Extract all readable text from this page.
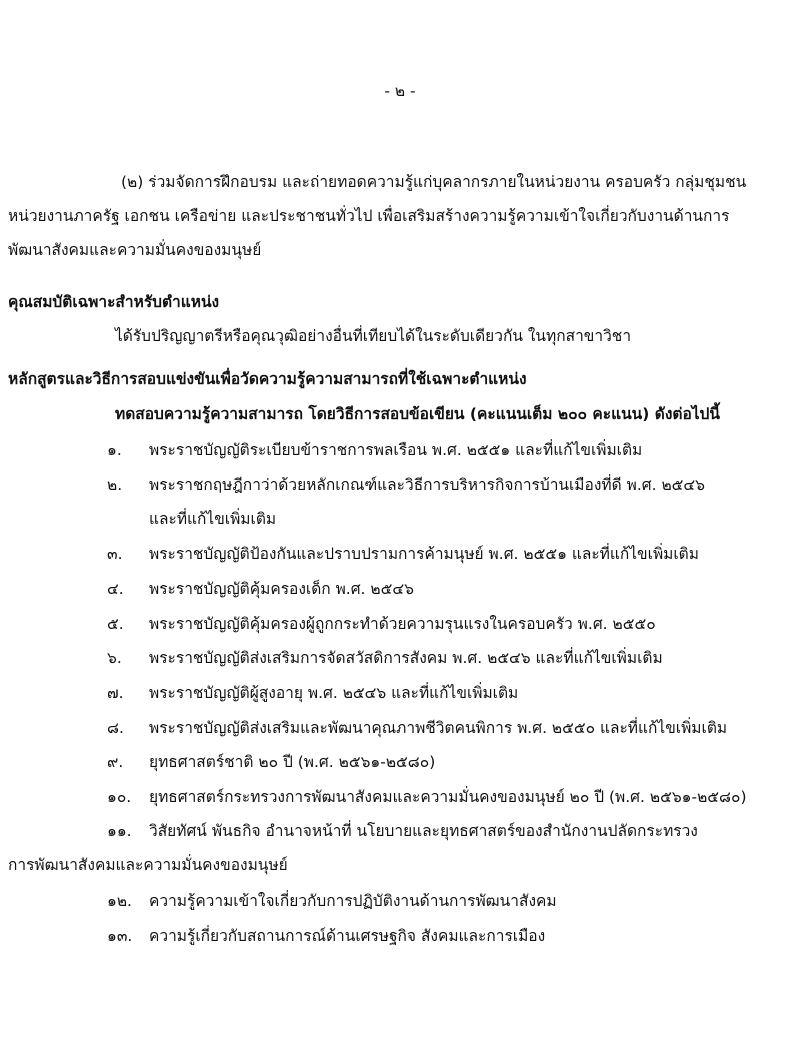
- ๒ -
(๒) ร่วมจัดการฝึกอบรม และถ่ายทอดความรู้แก่บุคลากรภายในหน่วยงาน ครอบครัว กลุ่มชุมชน
หน่วยงานภาครัฐ เอกชน เครือข่าย และประชาชนทั่วไป เพื่อเสริมสร้างความรู้ความเข้าใจเกี่ยวกับงานด้านการ
พัฒนาสังคมและความมั่นคงของมนุษย์
คุณสมบัติเฉพาะสำหรับตำแหน่ง
ได้รับปริญญาตรีหรือคุณวุฒิอย่างอื่นที่เทียบได้ในระดับเดียวกัน ในทุกสาขาวิชา
หลักสูตรและวิธีการสอบแข่งขันเพื่อวัดความรู้ความสามารถที่ใช้เฉพาะตำแหน่ง
ทดสอบความรู้ความสามารถ โดยวิธีการสอบข้อเขียน (คะแนนเต็ม ๒๐๐ คะแนน) ดังต่อไปนี้
๑. พระราชบัญญัติระเบียบข้าราชการพลเรือน พ.ศ. ๒๕๕๑ และที่แก้ไขเพิ่มเติม
๒. พระราชกฤษฎีกาว่าด้วยหลักเกณฑ์และวิธีการบริหารกิจการบ้านเมืองที่ดี พ.ศ. ๒๕๔๖
และที่แก้ไขเพิ่มเติม
๓. พระราชบัญญัติป้องกันและปราบปรามการค้ามนุษย์ พ.ศ. ๒๕๕๑ และที่แก้ไขเพิ่มเติม
๔. พระราชบัญญัติคุ้มครองเด็ก พ.ศ. ๒๕๔๖
๕. พระราชบัญญัติคุ้มครองผู้ถูกกระทำด้วยความรุนแรงในครอบครัว พ.ศ. ๒๕๕๐
๖. พระราชบัญญัติส่งเสริมการจัดสวัสดิการสังคม พ.ศ. ๒๕๔๖ และที่แก้ไขเพิ่มเติม
๗. พระราชบัญญัติผู้สูงอายุ พ.ศ. ๒๕๔๖ และที่แก้ไขเพิ่มเติม
๘. พระราชบัญญัติส่งเสริมและพัฒนาคุณภาพชีวิตคนพิการ พ.ศ. ๒๕๕๐ และที่แก้ไขเพิ่มเติม
๙. ยุทธศาสตร์ชาติ ๒๐ ปี (พ.ศ. ๒๕๖๑-๒๕๘๐)
๑๐. ยุทธศาสตร์กระทรวงการพัฒนาสังคมและความมั่นคงของมนุษย์ ๒๐ ปี (พ.ศ. ๒๕๖๑-๒๕๘๐)
๑๑. วิสัยทัศน์ พันธกิจ อำนาจหน้าที่ นโยบายและยุทธศาสตร์ของสำนักงานปลัดกระทรวง
การพัฒนาสังคมและความมั่นคงของมนุษย์
๑๒. ความรู้ความเข้าใจเกี่ยวกับการปฏิบัติงานด้านการพัฒนาสังคม
๑๓. ความรู้เกี่ยวกับสถานการณ์ด้านเศรษฐกิจ สังคมและการเมือง
